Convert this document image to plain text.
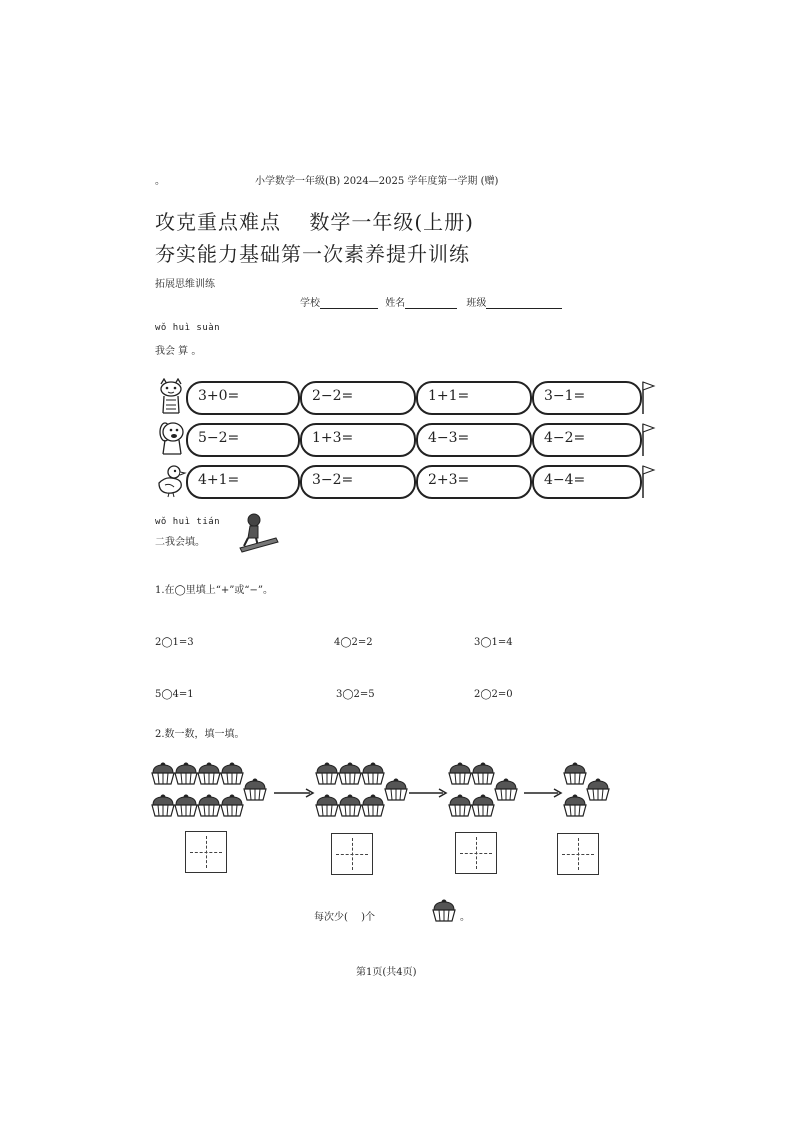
。	小学数学一年级(B) 2024—2025 学年度第一学期 (赠)
攻克重点难点　 数学一年级(上册)
夯实能力基础第一次素养提升训练
拓展思维训练
学校	姓名	班级
wǒ huì suàn
我会 算 。
3+0=	2−2=	1+1=	3−1=
5−2=	1+3=	4−3=	4−2=
4+1=	3−2=	2+3=	4−4=
wǒ huì tián
二我会填。
1.在◯里填上“+”或“−”。
2◯1=3	4◯2=2	3◯1=4
5◯4=1	3◯2=5	2◯2=0
2.数一数，填一填。
每次少(　 )个	。
第1页(共4页)
